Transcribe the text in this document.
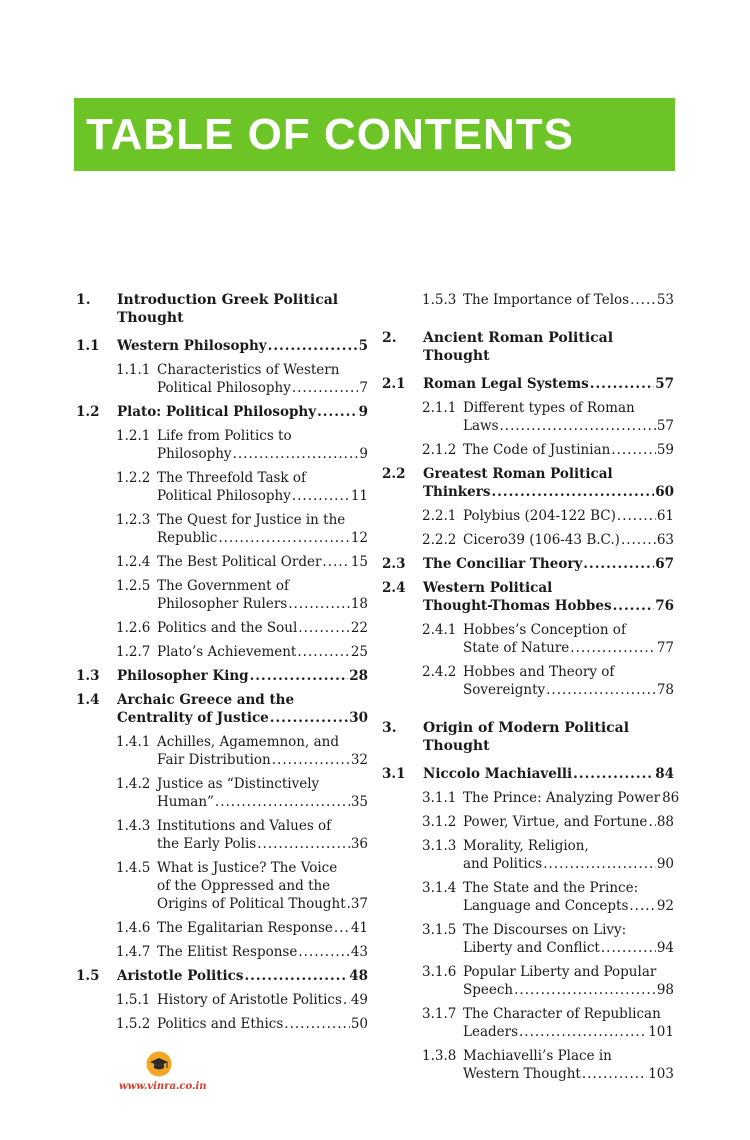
TABLE OF CONTENTS
1.	Introduction Greek Political Thought
1.1	Western Philosophy .....	5
1.1.1 Characteristics of Western
Political Philosophy .....	7
1.2	Plato: Political Philosophy .....	9
1.2.1 Life from Politics to
Philosophy .....	9
1.2.2 The Threefold Task of
Political Philosophy .....	11
1.2.3 The Quest for Justice in the
Republic .....	12
1.2.4 The Best Political Order ..... 15
1.2.5 The Government of
Philosopher Rulers .....	18
1.2.6 Politics and the Soul .....	22
1.2.7 Plato’s Achievement .....	25
1.3	Philosopher King .....	28
1.4	Archaic Greece and the
Centrality of Justice .....	30
1.4.1 Achilles, Agamemnon, and
Fair Distribution .....	32
1.4.2 Justice as “Distinctively
Human” .....	35
1.4.3 Institutions and Values of
the Early Polis .....	36
1.4.5 What is Justice? The Voice
of the Oppressed and the
Origins of Political Thought ..... 37
1.4.6 The Egalitarian Response ..... 41
1.4.7 The Elitist Response .....	43
1.5	Aristotle Politics .....	48
1.5.1 History of Aristotle Politics ..... 49
1.5.2 Politics and Ethics .....	50
1.5.3 The Importance of Telos ..... 53
2.	Ancient Roman Political Thought
2.1	Roman Legal Systems .....	57
2.1.1 Different types of Roman
Laws .....	57
2.1.2 The Code of Justinian .....	59
2.2	Greatest Roman Political
Thinkers .....	60
2.2.1 Polybius (204-122 BC) .....	61
2.2.2 Cicero39 (106-43 B.C.) .....	63
2.3	The Conciliar Theory .....	67
2.4	Western Political
Thought-Thomas Hobbes .....	76
2.4.1 Hobbes’s Conception of
State of Nature .....	77
2.4.2 Hobbes and Theory of
Sovereignty .....	78
3.	Origin of Modern Political Thought
3.1	Niccolo Machiavelli .....	84
3.1.1 The Prince: Analyzing Power 86
3.1.2 Power, Virtue, and Fortune ..... 88
3.1.3 Morality, Religion,
and Politics .....	90
3.1.4 The State and the Prince:
Language and Concepts ..... 92
3.1.5 The Discourses on Livy:
Liberty and Conflict .....	94
3.1.6 Popular Liberty and Popular
Speech .....	98
3.1.7 The Character of Republican
Leaders .....	101
1.3.8 Machiavelli’s Place in
Western Thought .....	103
www.vinra.co.in
